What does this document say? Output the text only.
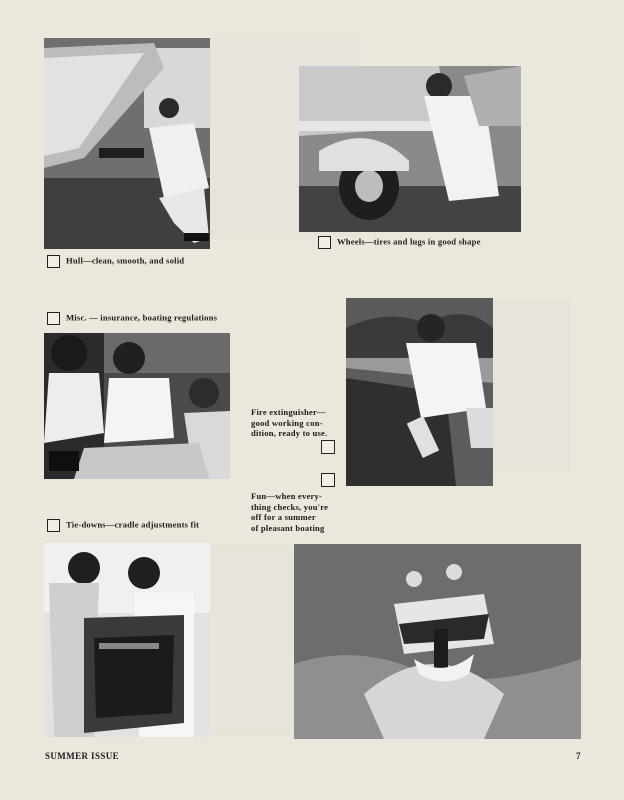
Hull—clean, smooth, and solid
Wheels—tires and lugs in good shape
Misc. — insurance, boating regulations
Fire extinguisher—
good working con-
dition, ready to use.
Fun—when every-
thing checks, you're
off for a summer
of pleasant boating
Tie-downs—cradle adjustments fit
SUMMER ISSUE	7
